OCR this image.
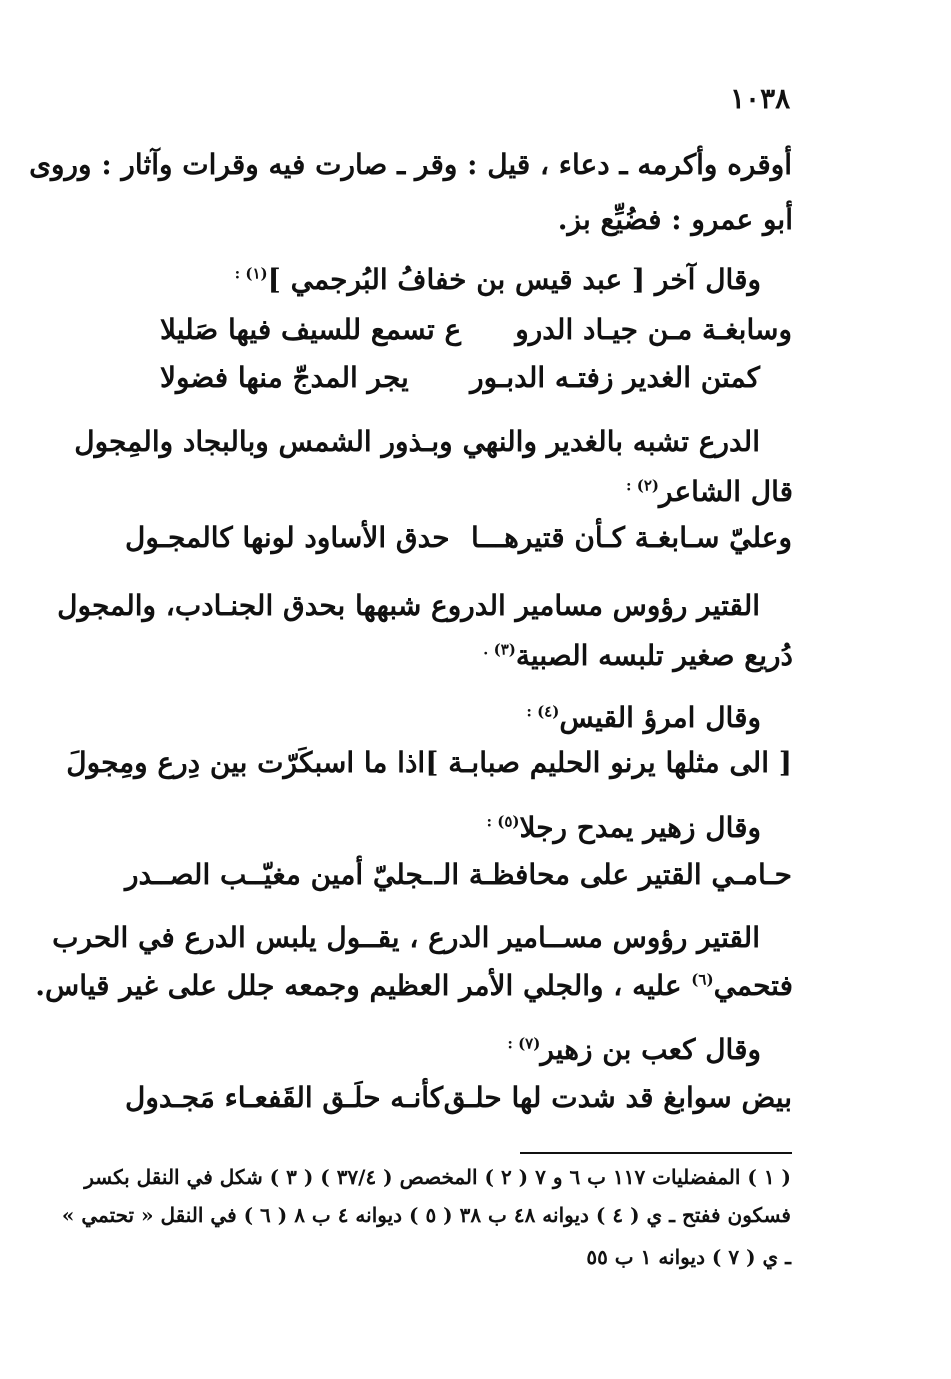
١٠٣٨
أوقره وأكرمه ـ دعاء ، قيل : وقر ـ صارت فيه وقرات وآثار : وروى
أبو عمرو : فضُيِّع بز.
وقال آخر [ عبد قيس بن خفافُ البُرجمي ]$^{(١) :}$
وسابغـة مـن جيـاد الدرو
ع تسمع للسيف فيها صَليلا
كمتن الغدير زفتـه الدبـور
يجر المدجّ منها فضولا
الدرع تشبه بالغدير والنهي وبـذور الشمس وبالبجاد والمِجول
قال الشاعر$^{(٢) :}$
وعليّ سـابغـة كـأن قتيرهـــا
حدق الأساود لونها كالمجـول
القتير رؤوس مسامير الدروع شبهها بحدق الجنـادب، والمجول
دُريع صغير تلبسه الصبية$^{(٣) .}$
وقال امرؤ القيس$^{(٤) :}$
[ الى مثلها يرنو الحليم صبابـة ]
اذا ما اسبكَرّت بين دِرع ومِجولَ
وقال زهير يمدح رجلا$^{(٥) :}$
حـامـي القتير على محافظـة الـ
ـجليّ أمين مغيّــب الصــدر
القتير رؤوس مســامير الدرع ، يقــول يلبس الدرع في الحرب
فتحمي$^{(٦)}$ عليه ، والجلي الأمر العظيم وجمعه جلل على غير قياس.
وقال كعب بن زهير$^{(٧) :}$
بيض سوابغ قد شدت لها حلـق
كأنـه حلَـق القَفعـاء مَجـدول
( ١ ) المفضليات ١١٧ ب ٦ و ٧ ( ٢ ) المخصص ( ٣٧/٤ ) ( ٣ ) شكل في النقل بكسر
فسكون ففتح ـ ي ( ٤ ) ديوانه ٤٨ ب ٣٨ ( ٥ ) ديوانه ٤ ب ٨ ( ٦ ) في النقل « تحتمي »
ـ ي ( ٧ ) ديوانه ١ ب ٥٥
